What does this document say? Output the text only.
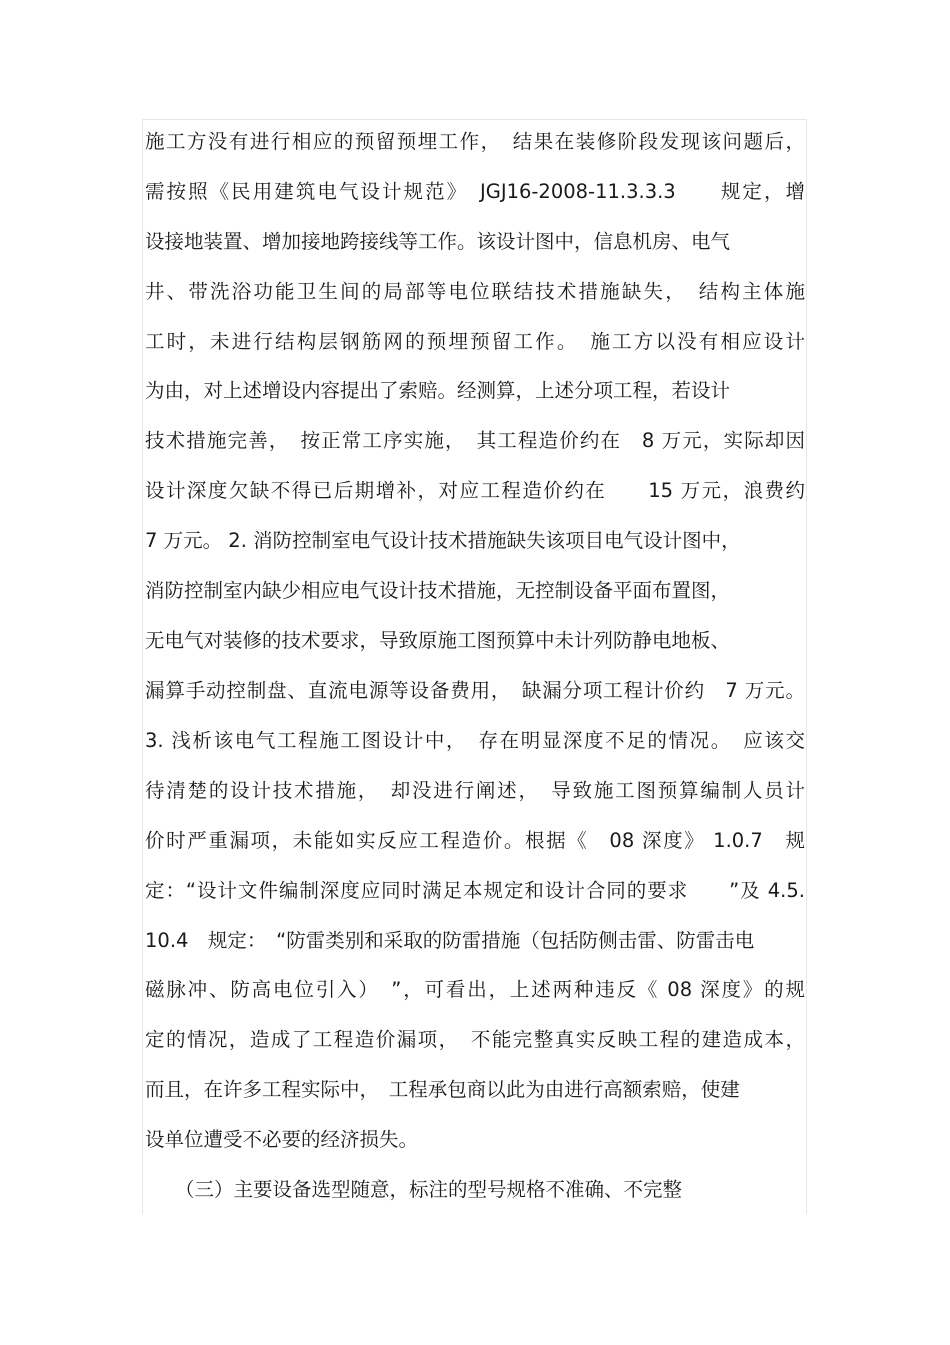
施工方没有进行相应的预留预埋工作，　结果在装修阶段发现该问题后，
需按照《民用建筑电气设计规范》　JGJ16-2008-11.3.3.3　　规定，增
设接地装置、增加接地跨接线等工作。该设计图中，信息机房、电气
井、带洗浴功能卫生间的局部等电位联结技术措施缺失，　结构主体施
工时，未进行结构层钢筋网的预埋预留工作。　施工方以没有相应设计
为由，对上述增设内容提出了索赔。经测算，上述分项工程，若设计
技术措施完善，　按正常工序实施，　其工程造价约在　8 万元，实际却因
设计深度欠缺不得已后期增补，对应工程造价约在　　15 万元，浪费约
7 万元。 2. 消防控制室电气设计技术措施缺失该项目电气设计图中，
消防控制室内缺少相应电气设计技术措施，无控制设备平面布置图，
无电气对装修的技术要求，导致原施工图预算中未计列防静电地板、
漏算手动控制盘、直流电源等设备费用，　缺漏分项工程计价约　7 万元。
3. 浅析该电气工程施工图设计中，　存在明显深度不足的情况。　应该交
待清楚的设计技术措施，　却没进行阐述，　导致施工图预算编制人员计
价时严重漏项，未能如实反应工程造价。根据《　08 深度》 1.0.7　规
定：“设计文件编制深度应同时满足本规定和设计合同的要求　　”及 4.5.
10.4　规定：　“防雷类别和采取的防雷措施（包括防侧击雷、防雷击电
磁脉冲、防高电位引入）　”，可看出，上述两种违反《 08 深度》的规
定的情况，造成了工程造价漏项，　不能完整真实反映工程的建造成本，
而且，在许多工程实际中，　工程承包商以此为由进行高额索赔，使建
设单位遭受不必要的经济损失。
（三）主要设备选型随意，标注的型号规格不准确、不完整
